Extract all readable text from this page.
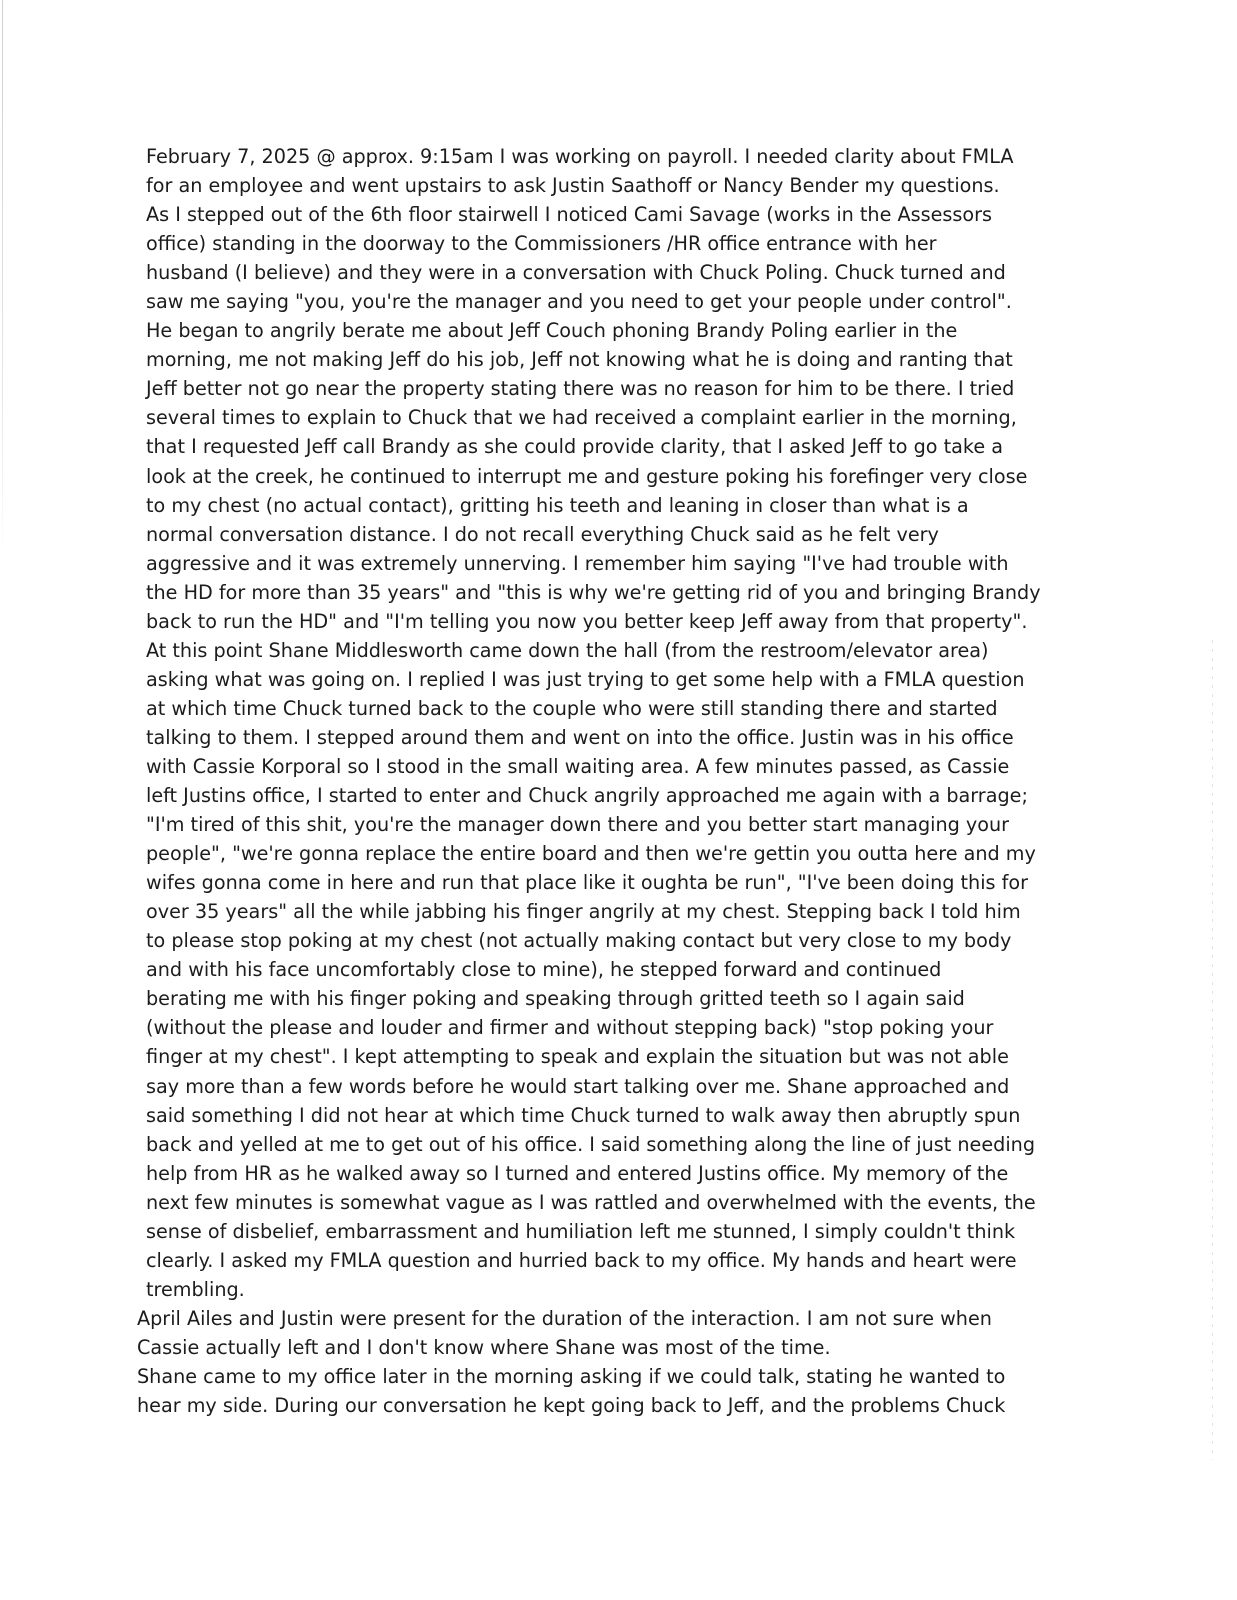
February 7, 2025 @ approx. 9:15am I was working on payroll. I needed clarity about FMLA
for an employee and went upstairs to ask Justin Saathoff or Nancy Bender my questions.
As I stepped out of the 6th floor stairwell I noticed Cami Savage (works in the Assessors
office) standing in the doorway to the Commissioners /HR office entrance with her
husband (I believe) and they were in a conversation with Chuck Poling. Chuck turned and
saw me saying "you, you're the manager and you need to get your people under control".
He began to angrily berate me about Jeff Couch phoning Brandy Poling earlier in the
morning, me not making Jeff do his job, Jeff not knowing what he is doing and ranting that
Jeff better not go near the property stating there was no reason for him to be there. I tried
several times to explain to Chuck that we had received a complaint earlier in the morning,
that I requested Jeff call Brandy as she could provide clarity, that I asked Jeff to go take a
look at the creek, he continued to interrupt me and gesture poking his forefinger very close
to my chest (no actual contact), gritting his teeth and leaning in closer than what is a
normal conversation distance. I do not recall everything Chuck said as he felt very
aggressive and it was extremely unnerving. I remember him saying "I've had trouble with
the HD for more than 35 years" and "this is why we're getting rid of you and bringing Brandy
back to run the HD" and "I'm telling you now you better keep Jeff away from that property".
At this point Shane Middlesworth came down the hall (from the restroom/elevator area)
asking what was going on. I replied I was just trying to get some help with a FMLA question
at which time Chuck turned back to the couple who were still standing there and started
talking to them. I stepped around them and went on into the office. Justin was in his office
with Cassie Korporal so I stood in the small waiting area. A few minutes passed, as Cassie
left Justins office, I started to enter and Chuck angrily approached me again with a barrage;
"I'm tired of this shit, you're the manager down there and you better start managing your
people", "we're gonna replace the entire board and then we're gettin you outta here and my
wifes gonna come in here and run that place like it oughta be run", "I've been doing this for
over 35 years" all the while jabbing his finger angrily at my chest. Stepping back I told him
to please stop poking at my chest (not actually making contact but very close to my body
and with his face uncomfortably close to mine), he stepped forward and continued
berating me with his finger poking and speaking through gritted teeth so I again said
(without the please and louder and firmer and without stepping back) "stop poking your
finger at my chest". I kept attempting to speak and explain the situation but was not able
say more than a few words before he would start talking over me. Shane approached and
said something I did not hear at which time Chuck turned to walk away then abruptly spun
back and yelled at me to get out of his office. I said something along the line of just needing
help from HR as he walked away so I turned and entered Justins office. My memory of the
next few minutes is somewhat vague as I was rattled and overwhelmed with the events, the
sense of disbelief, embarrassment and humiliation left me stunned, I simply couldn't think
clearly. I asked my FMLA question and hurried back to my office. My hands and heart were
trembling.
April Ailes and Justin were present for the duration of the interaction. I am not sure when
Cassie actually left and I don't know where Shane was most of the time.
Shane came to my office later in the morning asking if we could talk, stating he wanted to
hear my side. During our conversation he kept going back to Jeff, and the problems Chuck
